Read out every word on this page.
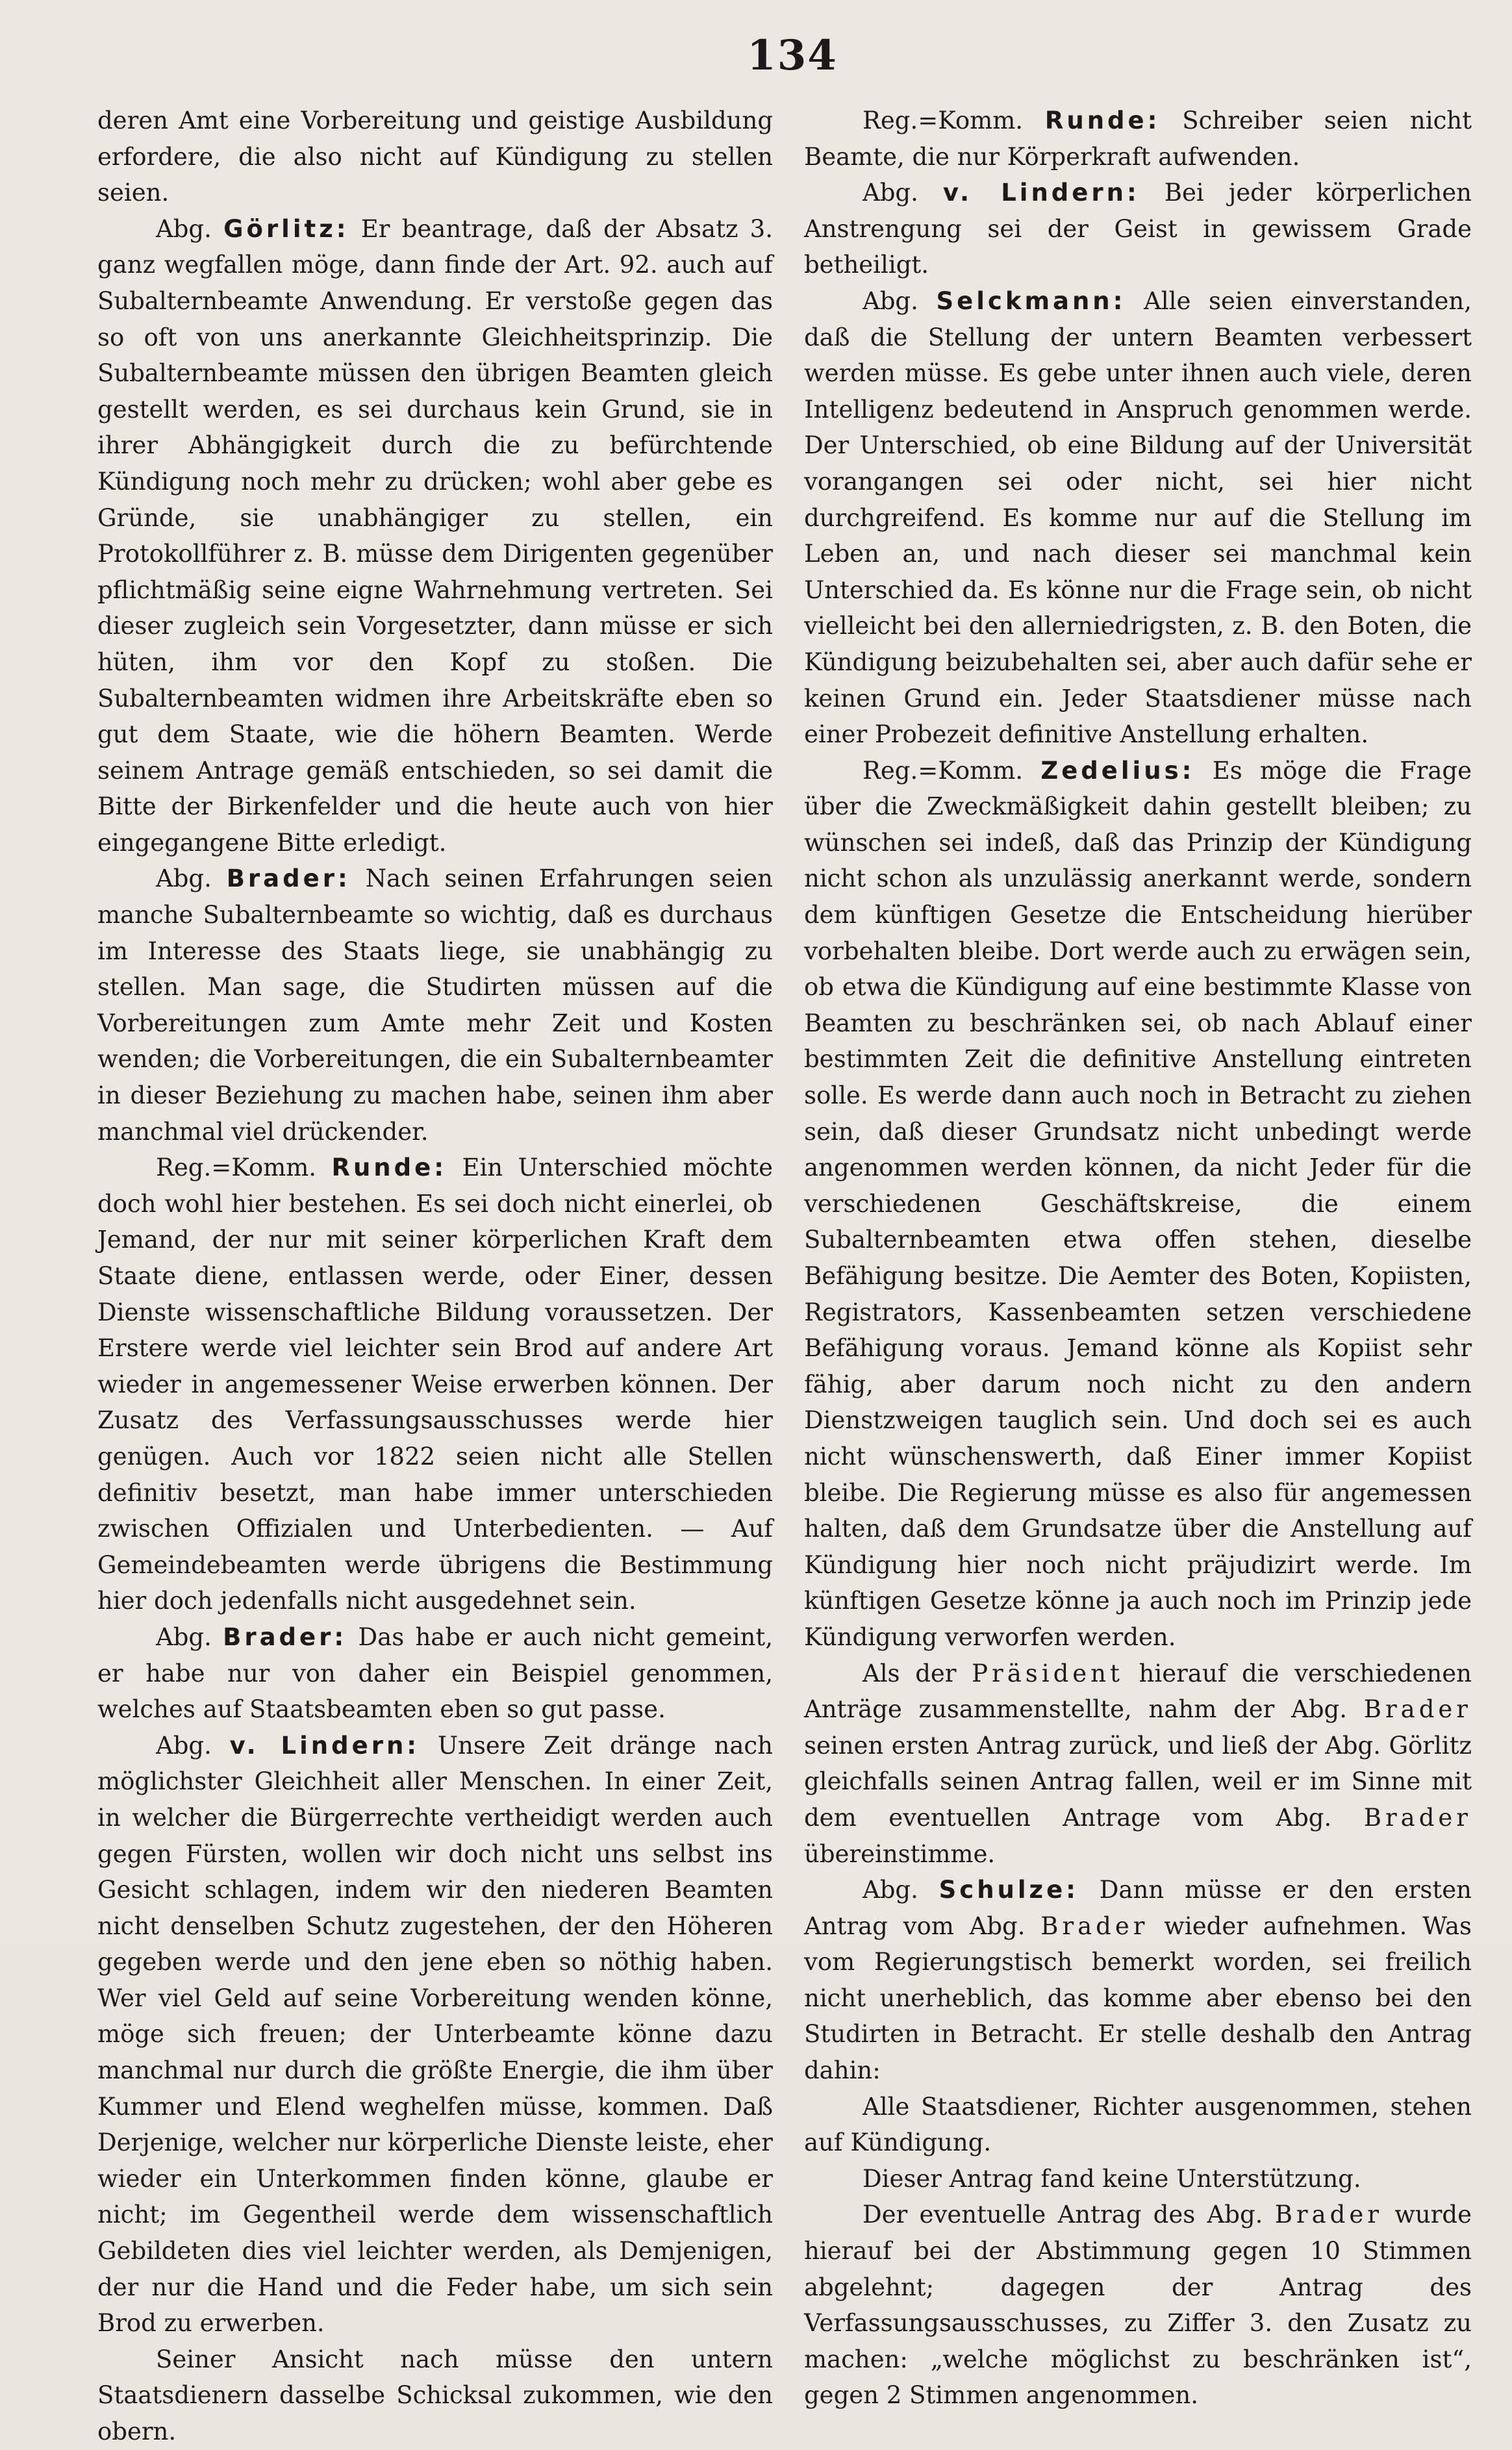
134

deren Amt eine Vorbereitung und geistige Ausbildung erfordere, die also nicht auf Kündigung zu stellen seien.

Abg. Görlitz: Er beantrage, daß der Absatz 3. ganz wegfallen möge, dann finde der Art. 92. auch auf Subalternbeamte Anwendung. Er verstoße gegen das so oft von uns anerkannte Gleichheitsprinzip. Die Subalternbeamte müssen den übrigen Beamten gleich gestellt werden, es sei durchaus kein Grund, sie in ihrer Abhängigkeit durch die zu befürchtende Kündigung noch mehr zu drücken; wohl aber gebe es Gründe, sie unabhängiger zu stellen, ein Protokollführer z. B. müsse dem Dirigenten gegenüber pflichtmäßig seine eigne Wahrnehmung vertreten. Sei dieser zugleich sein Vorgesetzter, dann müsse er sich hüten, ihm vor den Kopf zu stoßen. Die Subalternbeamten widmen ihre Arbeitskräfte eben so gut dem Staate, wie die höhern Beamten. Werde seinem Antrage gemäß entschieden, so sei damit die Bitte der Birkenfelder und die heute auch von hier eingegangene Bitte erledigt.

Abg. Brader: Nach seinen Erfahrungen seien manche Subalternbeamte so wichtig, daß es durchaus im Interesse des Staats liege, sie unabhängig zu stellen. Man sage, die Studirten müssen auf die Vorbereitungen zum Amte mehr Zeit und Kosten wenden; die Vorbereitungen, die ein Subalternbeamter in dieser Beziehung zu machen habe, seinen ihm aber manchmal viel drückender.

Reg.=Komm. Runde: Ein Unterschied möchte doch wohl hier bestehen. Es sei doch nicht einerlei, ob Jemand, der nur mit seiner körperlichen Kraft dem Staate diene, entlassen werde, oder Einer, dessen Dienste wissenschaftliche Bildung voraussetzen. Der Erstere werde viel leichter sein Brod auf andere Art wieder in angemessener Weise erwerben können. Der Zusatz des Verfassungsausschusses werde hier genügen. Auch vor 1822 seien nicht alle Stellen definitiv besetzt, man habe immer unterschieden zwischen Offizialen und Unterbedienten. — Auf Gemeindebeamten werde übrigens die Bestimmung hier doch jedenfalls nicht ausgedehnet sein.

Abg. Brader: Das habe er auch nicht gemeint, er habe nur von daher ein Beispiel genommen, welches auf Staatsbeamten eben so gut passe.

Abg. v. Lindern: Unsere Zeit dränge nach möglichster Gleichheit aller Menschen. In einer Zeit, in welcher die Bürgerrechte vertheidigt werden auch gegen Fürsten, wollen wir doch nicht uns selbst ins Gesicht schlagen, indem wir den niederen Beamten nicht denselben Schutz zugestehen, der den Höheren gegeben werde und den jene eben so nöthig haben. Wer viel Geld auf seine Vorbereitung wenden könne, möge sich freuen; der Unterbeamte könne dazu manchmal nur durch die größte Energie, die ihm über Kummer und Elend weghelfen müsse, kommen. Daß Derjenige, welcher nur körperliche Dienste leiste, eher wieder ein Unterkommen finden könne, glaube er nicht; im Gegentheil werde dem wissenschaftlich Gebildeten dies viel leichter werden, als Demjenigen, der nur die Hand und die Feder habe, um sich sein Brod zu erwerben.

Seiner Ansicht nach müsse den untern Staatsdienern dasselbe Schicksal zukommen, wie den obern.

Reg.=Komm. Runde: Schreiber seien nicht Beamte, die nur Körperkraft aufwenden.

Abg. v. Lindern: Bei jeder körperlichen Anstrengung sei der Geist in gewissem Grade betheiligt.

Abg. Selckmann: Alle seien einverstanden, daß die Stellung der untern Beamten verbessert werden müsse. Es gebe unter ihnen auch viele, deren Intelligenz bedeutend in Anspruch genommen werde. Der Unterschied, ob eine Bildung auf der Universität vorangangen sei oder nicht, sei hier nicht durchgreifend. Es komme nur auf die Stellung im Leben an, und nach dieser sei manchmal kein Unterschied da. Es könne nur die Frage sein, ob nicht vielleicht bei den allerniedrigsten, z. B. den Boten, die Kündigung beizubehalten sei, aber auch dafür sehe er keinen Grund ein. Jeder Staatsdiener müsse nach einer Probezeit definitive Anstellung erhalten.

Reg.=Komm. Zedelius: Es möge die Frage über die Zweckmäßigkeit dahin gestellt bleiben; zu wünschen sei indeß, daß das Prinzip der Kündigung nicht schon als unzulässig anerkannt werde, sondern dem künftigen Gesetze die Entscheidung hierüber vorbehalten bleibe. Dort werde auch zu erwägen sein, ob etwa die Kündigung auf eine bestimmte Klasse von Beamten zu beschränken sei, ob nach Ablauf einer bestimmten Zeit die definitive Anstellung eintreten solle. Es werde dann auch noch in Betracht zu ziehen sein, daß dieser Grundsatz nicht unbedingt werde angenommen werden können, da nicht Jeder für die verschiedenen Geschäftskreise, die einem Subalternbeamten etwa offen stehen, dieselbe Befähigung besitze. Die Aemter des Boten, Kopiisten, Registrators, Kassenbeamten setzen verschiedene Befähigung voraus. Jemand könne als Kopiist sehr fähig, aber darum noch nicht zu den andern Dienstzweigen tauglich sein. Und doch sei es auch nicht wünschenswerth, daß Einer immer Kopiist bleibe. Die Regierung müsse es also für angemessen halten, daß dem Grundsatze über die Anstellung auf Kündigung hier noch nicht präjudizirt werde. Im künftigen Gesetze könne ja auch noch im Prinzip jede Kündigung verworfen werden.

Als der Präsident hierauf die verschiedenen Anträge zusammenstellte, nahm der Abg. Brader seinen ersten Antrag zurück, und ließ der Abg. Görlitz gleichfalls seinen Antrag fallen, weil er im Sinne mit dem eventuellen Antrage vom Abg. Brader übereinstimme.

Abg. Schulze: Dann müsse er den ersten Antrag vom Abg. Brader wieder aufnehmen. Was vom Regierungstisch bemerkt worden, sei freilich nicht unerheblich, das komme aber ebenso bei den Studirten in Betracht. Er stelle deshalb den Antrag dahin:

Alle Staatsdiener, Richter ausgenommen, stehen auf Kündigung.

Dieser Antrag fand keine Unterstützung.

Der eventuelle Antrag des Abg. Brader wurde hierauf bei der Abstimmung gegen 10 Stimmen abgelehnt; dagegen der Antrag des Verfassungsausschusses, zu Ziffer 3. den Zusatz zu machen: „welche möglichst zu beschränken ist“, gegen 2 Stimmen angenommen.
